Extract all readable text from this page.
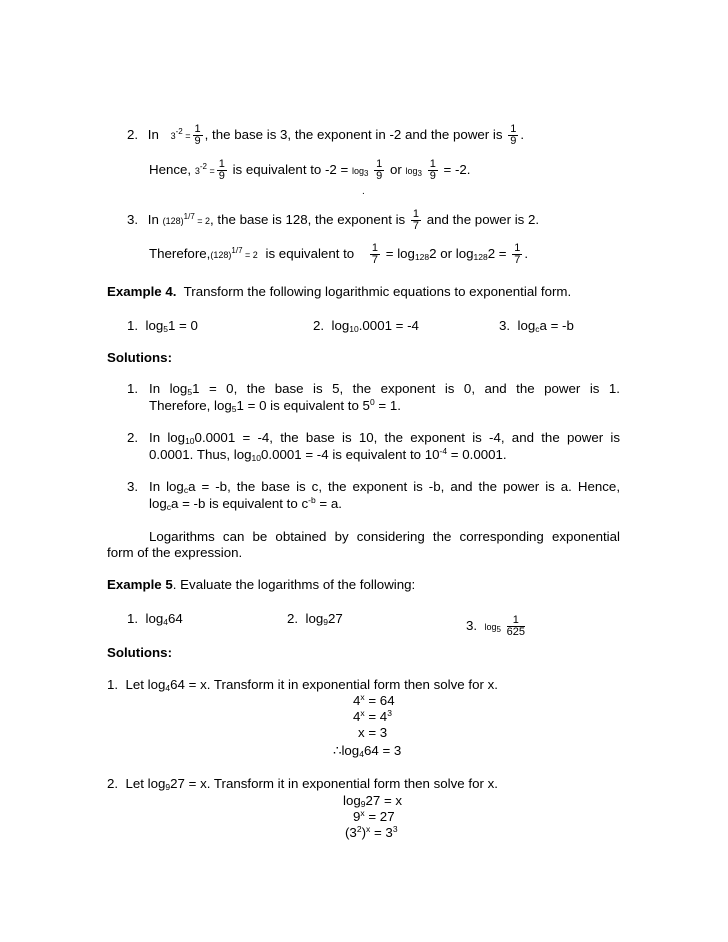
2. In $3^{-2} = \frac{1}{9}$ , the base is 3, the exponent in -2 and the power is $\frac{1}{9}$ .
Hence, $3^{-2} = \frac{1}{9}$ is equivalent to $-2 = \log_3 \frac{1}{9}$ or $\log_3 \frac{1}{9} = -2$.
.
3. In $(128)^{1/7} = 2$, the base is 128, the exponent is $\frac{1}{7}$ and the power is 2.
$Therefore,(128)^{1/7} = 2$ is equivalent to $\frac{1}{7} = \log_{128}2$ or $\log_{128}2 = \frac{1}{7}$ .
Example 4. Transform the following logarithmic equations to exponential form.
1. $\log_51 = 0$	2. $\log_{10}.0001 = -4$	3. $\log_ca = -b$
Solutions:
1. In $\log_51 = 0$, the base is 5, the exponent is 0, and the power is 1.
Therefore, $\log_51 = 0$ is equivalent to $5^0 = 1$.
2. In $\log_{10}0.0001 = -4$, the base is 10, the exponent is -4, and the power is
0.0001. Thus, $\log_{10}0.0001 = -4$ is equivalent to $10^{-4} = 0.0001$.
3. In $\log_ca = -b$, the base is c, the exponent is -b, and the power is a. Hence,
$\log_ca = -b$ is equivalent to $c^{-b} = a$.
Logarithms can be obtained by considering the corresponding exponential
form of the expression.
Example 5. Evaluate the logarithms of the following:
1. $\log_464$	2. $\log_927$	3. $\log_5 \frac{1}{625}$
Solutions:
1. Let $\log_464 = x$. Transform it in exponential form then solve for x.
$4^x = 64$
$4^x = 4^3$
x = 3
$\therefore\log_464 = 3$
2. Let $\log_927 = x$. Transform it in exponential form then solve for x.
$\log_927 = x$
$9^x = 27$
$(3^2)^x = 3^3$
